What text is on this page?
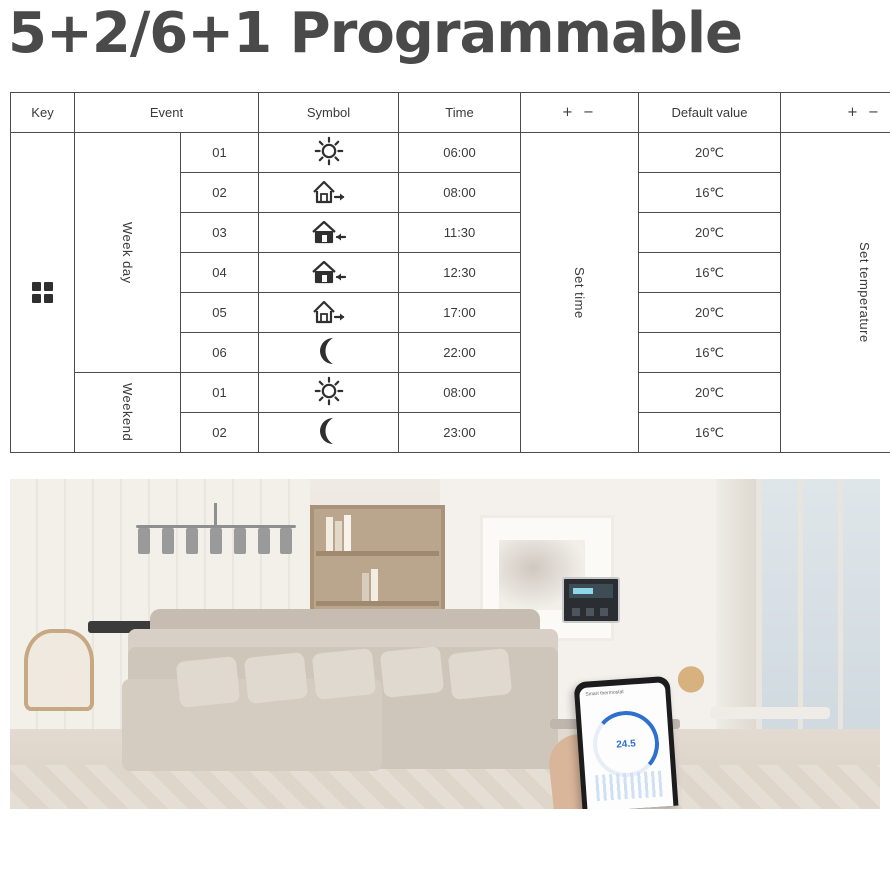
5+2/6+1 Programmable
Key	Event		Symbol	Time	+ −	Default value	+ −

	Week day	01		06:00	Set time	20℃	Set temperature

		02		08:00		16℃	
		03		11:30		20℃	
		04		12:30		16℃	
		05		17:00		20℃	
		06		22:00		16℃	

	Weekend	01		08:00		20℃	
		02		23:00		16℃	
Smart thermostat
24.5
